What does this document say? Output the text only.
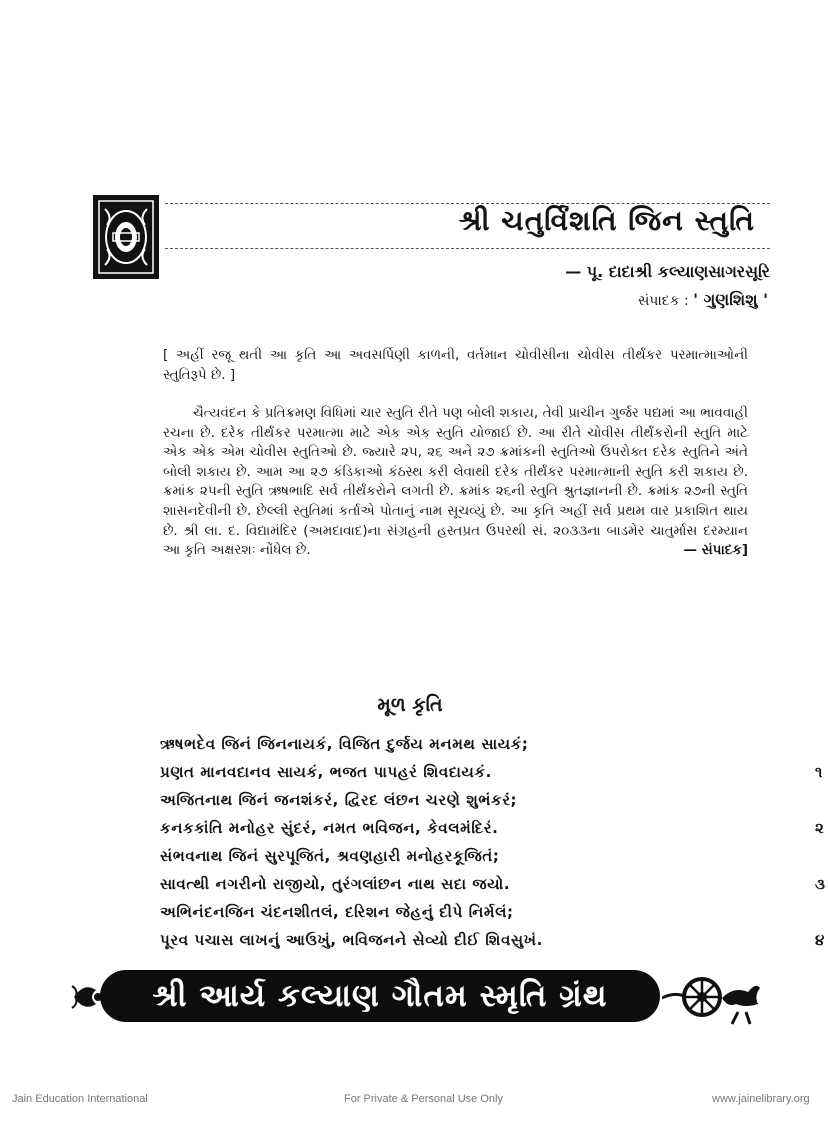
શ્રી ચતુર્વિંશતિ જિન સ્તુતિ
— પૂ. દાદાશ્રી કલ્યાણસાગરસૂરિ
સંપાદક : ' ગુણશિશુ '
[ અહીં રજૂ થતી આ કૃતિ આ અવસર્પિણી કાળની, વર્તમાન ચોવીસીના ચોવીસ તીર્થંકર પરમાત્માઓની સ્તુતિરૂપે છે. ]
ચૈત્યવંદન કે પ્રતિક્રમણ વિધિમાં ચાર સ્તુતિ રીતે પણ બોલી શકાય, તેવી પ્રાચીન ગુર્જર પદ્યમાં આ ભાવવાહી રચના છે. દરેક તીર્થંકર પરમાત્મા માટે એક એક સ્તુતિ યોજાઈ છે. આ રીતે ચોવીસ તીર્થંકરોની સ્તુતિ માટે એક એક એમ ચોવીસ સ્તુતિઓ છે. જ્યારે ૨૫, ૨૬ અને ૨૭ ક્રમાંકની સ્તુતિઓ ઉપરોક્ત દરેક સ્તુતિને અંતે બોલી શકાય છે. આમ આ ૨૭ કંડિકાઓ કંઠસ્થ કરી લેવાથી દરેક તીર્થંકર પરમાત્માની સ્તુતિ કરી શકાય છે. ક્રમાંક ૨૫ની સ્તુતિ ઋષભાદિ સર્વ તીર્થંકરોને લગતી છે. ક્રમાંક ૨૬ની સ્તુતિ શ્રુતજ્ઞાનની છે. ક્રમાંક ૨૭ની સ્તુતિ શાસનદેવીની છે. છેલ્લી સ્તુતિમાં કર્તાએ પોતાનું નામ સૂચવ્યું છે. આ કૃતિ અહીં સર્વ પ્રથમ વાર પ્રકાશિત થાય છે. શ્રી લા. દ. વિદ્યામંદિર (અમદાવાદ)ના સંગ્રહની હસ્તપ્રત ઉપરથી સં. ૨૦૩૩ના બાડમેર ચાતુર્માસ દરમ્યાન આ કૃતિ અક્ષરશઃ નોંધેલ છે.	— સંપાદક]
મૂળ કૃતિ
ઋષભદેવ જિનં જિનનાયકં, વિજિત દુર્જય મનમથ સાયકં;
પ્રણત માનવદાનવ સાયકં, ભજત પાપહરં શિવદાયકં.	૧
અજિતનાથ જિનં જનશંકરં, દ્વિરદ લંછન ચરણે શુભંકરં;
કનકકાંતિ મનોહર સુંદરં, નમત ભવિજન, કેવલમંદિરં.	૨
સંભવનાથ જિનં સુરપૂજિતં, શ્રવણહારી મનોહરકૂજિતં;
સાવત્થી નગરીનો રાજીયો, તુરંગલાંછન નાથ સદા જયો.	૩
અભિનંદનજિન ચંદનશીતલં, દરિશન જેહનું દીપે નિર્મલં;
પૂરવ પચાસ લાખનું આઉખું, ભવિજનને સેવ્યો દીઈ શિવસુખં.	૪
શ્રી આર્ય કલ્યાણ ગૌતમ સ્મૃતિ ગ્રંથ
Jain Education International	For Private & Personal Use Only	www.jainelibrary.org
